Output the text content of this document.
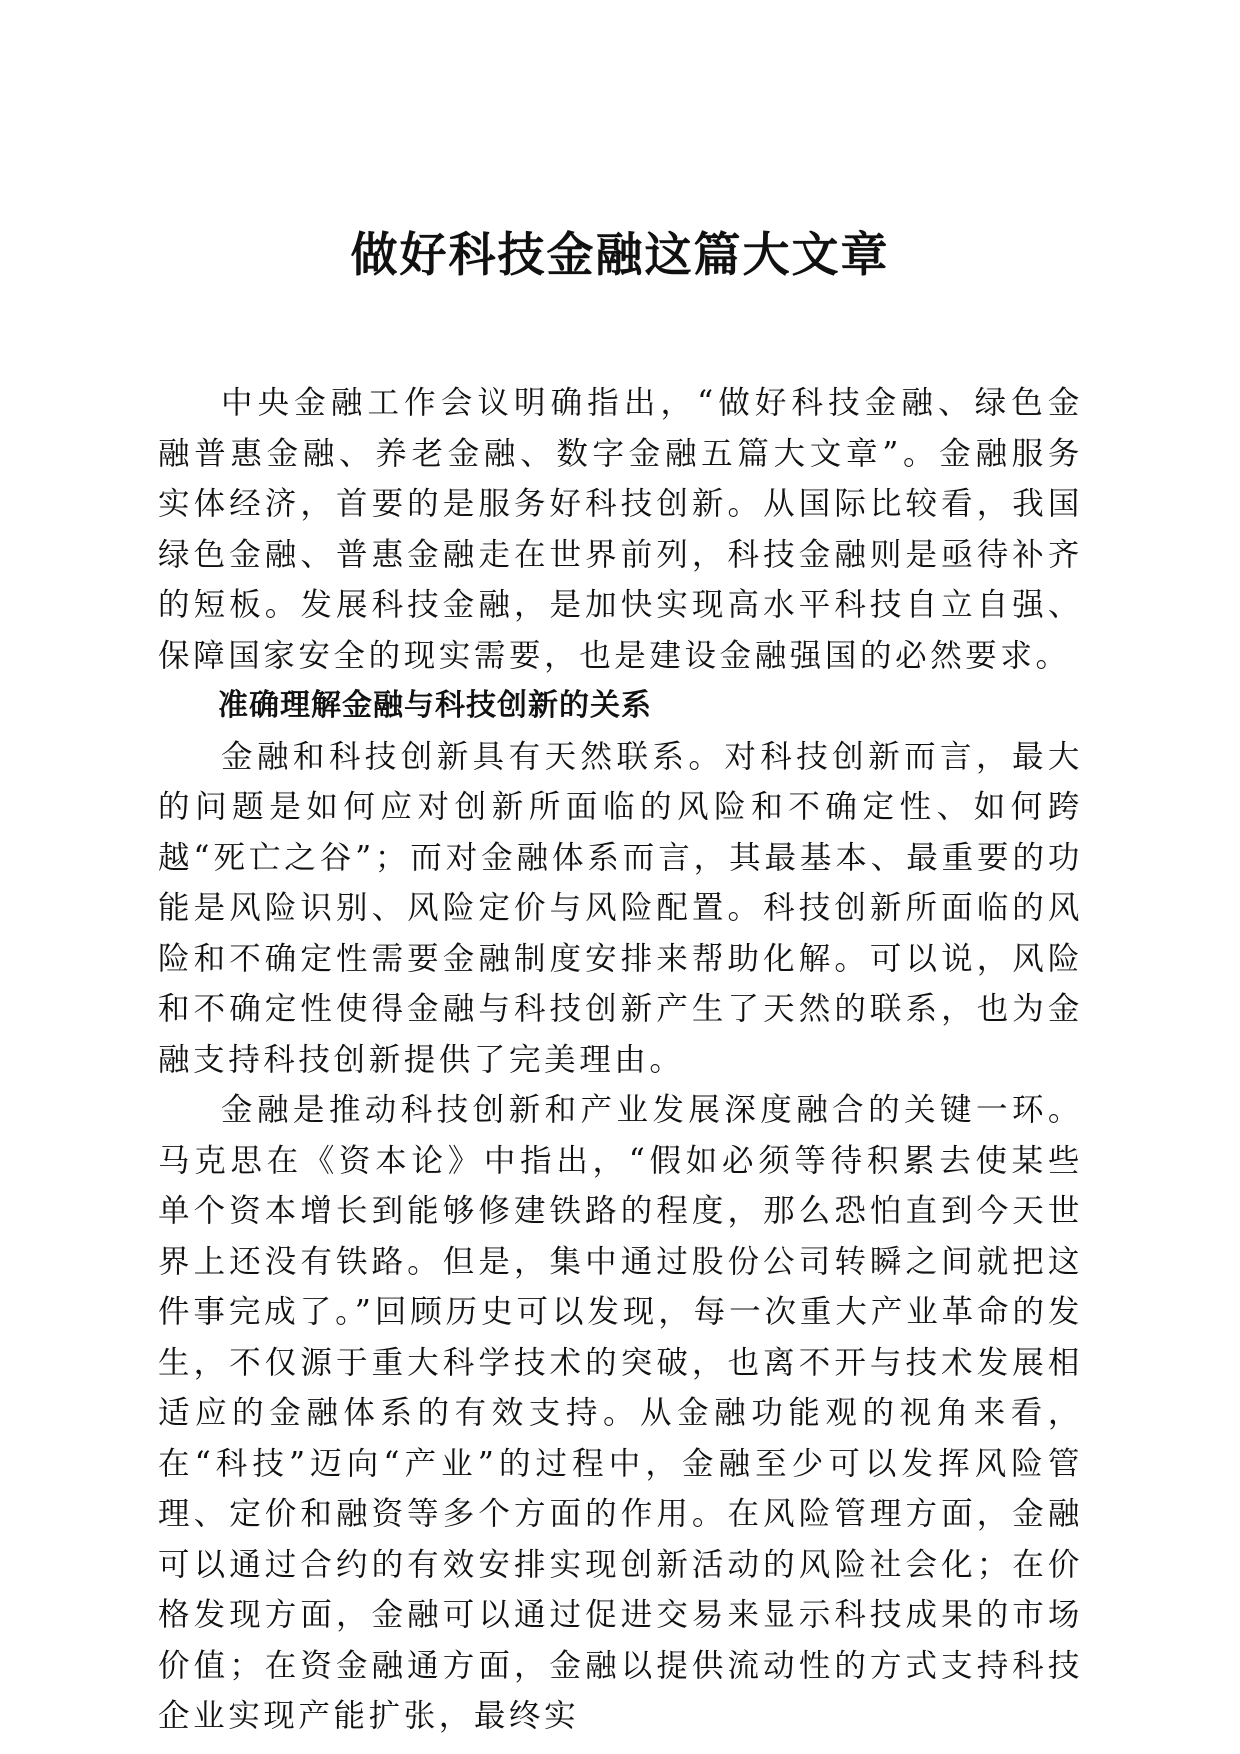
做好科技金融这篇大文章

中央金融工作会议明确指出，“做好科技金融、绿色金融普惠金融、养老金融、数字金融五篇大文章”。金融服务实体经济，首要的是服务好科技创新。从国际比较看，我国绿色金融、普惠金融走在世界前列，科技金融则是亟待补齐的短板。发展科技金融，是加快实现高水平科技自立自强、保障国家安全的现实需要，也是建设金融强国的必然要求。

准确理解金融与科技创新的关系

金融和科技创新具有天然联系。对科技创新而言，最大的问题是如何应对创新所面临的风险和不确定性、如何跨越“死亡之谷”；而对金融体系而言，其最基本、最重要的功能是风险识别、风险定价与风险配置。科技创新所面临的风险和不确定性需要金融制度安排来帮助化解。可以说，风险和不确定性使得金融与科技创新产生了天然的联系，也为金融支持科技创新提供了完美理由。

金融是推动科技创新和产业发展深度融合的关键一环。马克思在《资本论》中指出，“假如必须等待积累去使某些单个资本增长到能够修建铁路的程度，那么恐怕直到今天世界上还没有铁路。但是，集中通过股份公司转瞬之间就把这件事完成了。”回顾历史可以发现，每一次重大产业革命的发生，不仅源于重大科学技术的突破，也离不开与技术发展相适应的金融体系的有效支持。从金融功能观的视角来看，在“科技”迈向“产业”的过程中，金融至少可以发挥风险管理、定价和融资等多个方面的作用。在风险管理方面，金融可以通过合约的有效安排实现创新活动的风险社会化；在价格发现方面，金融可以通过促进交易来显示科技成果的市场价值；在资金融通方面，金融以提供流动性的方式支持科技企业实现产能扩张，最终实
